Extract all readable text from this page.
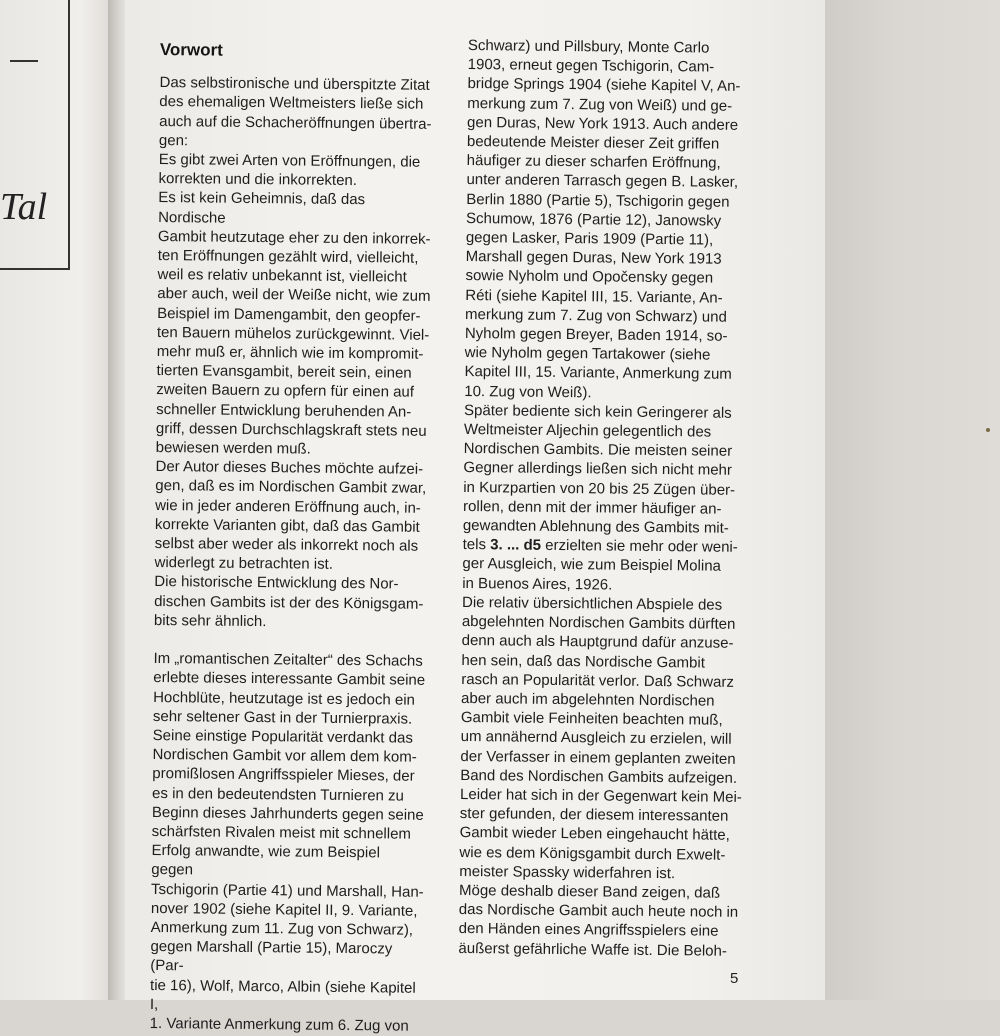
Tal
Vorwort

Das selbstironische und überspitzte Zitat

des ehemaligen Weltmeisters ließe sich

auch auf die Schacheröffnungen übertra-

gen:

Es gibt zwei Arten von Eröffnungen, die

korrekten und die inkorrekten.

Es ist kein Geheimnis, daß das Nordische

Gambit heutzutage eher zu den inkorrek-

ten Eröffnungen gezählt wird, vielleicht,

weil es relativ unbekannt ist, vielleicht

aber auch, weil der Weiße nicht, wie zum

Beispiel im Damengambit, den geopfer-

ten Bauern mühelos zurückgewinnt. Viel-

mehr muß er, ähnlich wie im kompromit-

tierten Evansgambit, bereit sein, einen

zweiten Bauern zu opfern für einen auf

schneller Entwicklung beruhenden An-

griff, dessen Durchschlagskraft stets neu

bewiesen werden muß.

Der Autor dieses Buches möchte aufzei-

gen, daß es im Nordischen Gambit zwar,

wie in jeder anderen Eröffnung auch, in-

korrekte Varianten gibt, daß das Gambit

selbst aber weder als inkorrekt noch als

widerlegt zu betrachten ist.

Die historische Entwicklung des Nor-

dischen Gambits ist der des Königsgam-

bits sehr ähnlich.

Im „romantischen Zeitalter“ des Schachs

erlebte dieses interessante Gambit seine

Hochblüte, heutzutage ist es jedoch ein

sehr seltener Gast in der Turnierpraxis.

Seine einstige Popularität verdankt das

Nordischen Gambit vor allem dem kom-

promißlosen Angriffsspieler Mieses, der

es in den bedeutendsten Turnieren zu

Beginn dieses Jahrhunderts gegen seine

schärfsten Rivalen meist mit schnellem

Erfolg anwandte, wie zum Beispiel gegen

Tschigorin (Partie 41) und Marshall, Han-

nover 1902 (siehe Kapitel II, 9. Variante,

Anmerkung zum 11. Zug von Schwarz),

gegen Marshall (Partie 15), Maroczy (Par-

tie 16), Wolf, Marco, Albin (siehe Kapitel I,

1. Variante Anmerkung zum 6. Zug von

Schwarz) und Pillsbury, Monte Carlo

1903, erneut gegen Tschigorin, Cam-

bridge Springs 1904 (siehe Kapitel V, An-

merkung zum 7. Zug von Weiß) und ge-

gen Duras, New York 1913. Auch andere

bedeutende Meister dieser Zeit griffen

häufiger zu dieser scharfen Eröffnung,

unter anderen Tarrasch gegen B. Lasker,

Berlin 1880 (Partie 5), Tschigorin gegen

Schumow, 1876 (Partie 12), Janowsky

gegen Lasker, Paris 1909 (Partie 11),

Marshall gegen Duras, New York 1913

sowie Nyholm und Opočensky gegen

Réti (siehe Kapitel III, 15. Variante, An-

merkung zum 7. Zug von Schwarz) und

Nyholm gegen Breyer, Baden 1914, so-

wie Nyholm gegen Tartakower (siehe

Kapitel III, 15. Variante, Anmerkung zum

10. Zug von Weiß).

Später bediente sich kein Geringerer als

Weltmeister Aljechin gelegentlich des

Nordischen Gambits. Die meisten seiner

Gegner allerdings ließen sich nicht mehr

in Kurzpartien von 20 bis 25 Zügen über-

rollen, denn mit der immer häufiger an-

gewandten Ablehnung des Gambits mit-

tels 3. ... d5 erzielten sie mehr oder weni-

ger Ausgleich, wie zum Beispiel Molina

in Buenos Aires, 1926.

Die relativ übersichtlichen Abspiele des

abgelehnten Nordischen Gambits dürften

denn auch als Hauptgrund dafür anzuse-

hen sein, daß das Nordische Gambit

rasch an Popularität verlor. Daß Schwarz

aber auch im abgelehnten Nordischen

Gambit viele Feinheiten beachten muß,

um annähernd Ausgleich zu erzielen, will

der Verfasser in einem geplanten zweiten

Band des Nordischen Gambits aufzeigen.

Leider hat sich in der Gegenwart kein Mei-

ster gefunden, der diesem interessanten

Gambit wieder Leben eingehaucht hätte,

wie es dem Königsgambit durch Exwelt-

meister Spassky widerfahren ist.

Möge deshalb dieser Band zeigen, daß

das Nordische Gambit auch heute noch in

den Händen eines Angriffsspielers eine

äußerst gefährliche Waffe ist. Die Beloh-

5
